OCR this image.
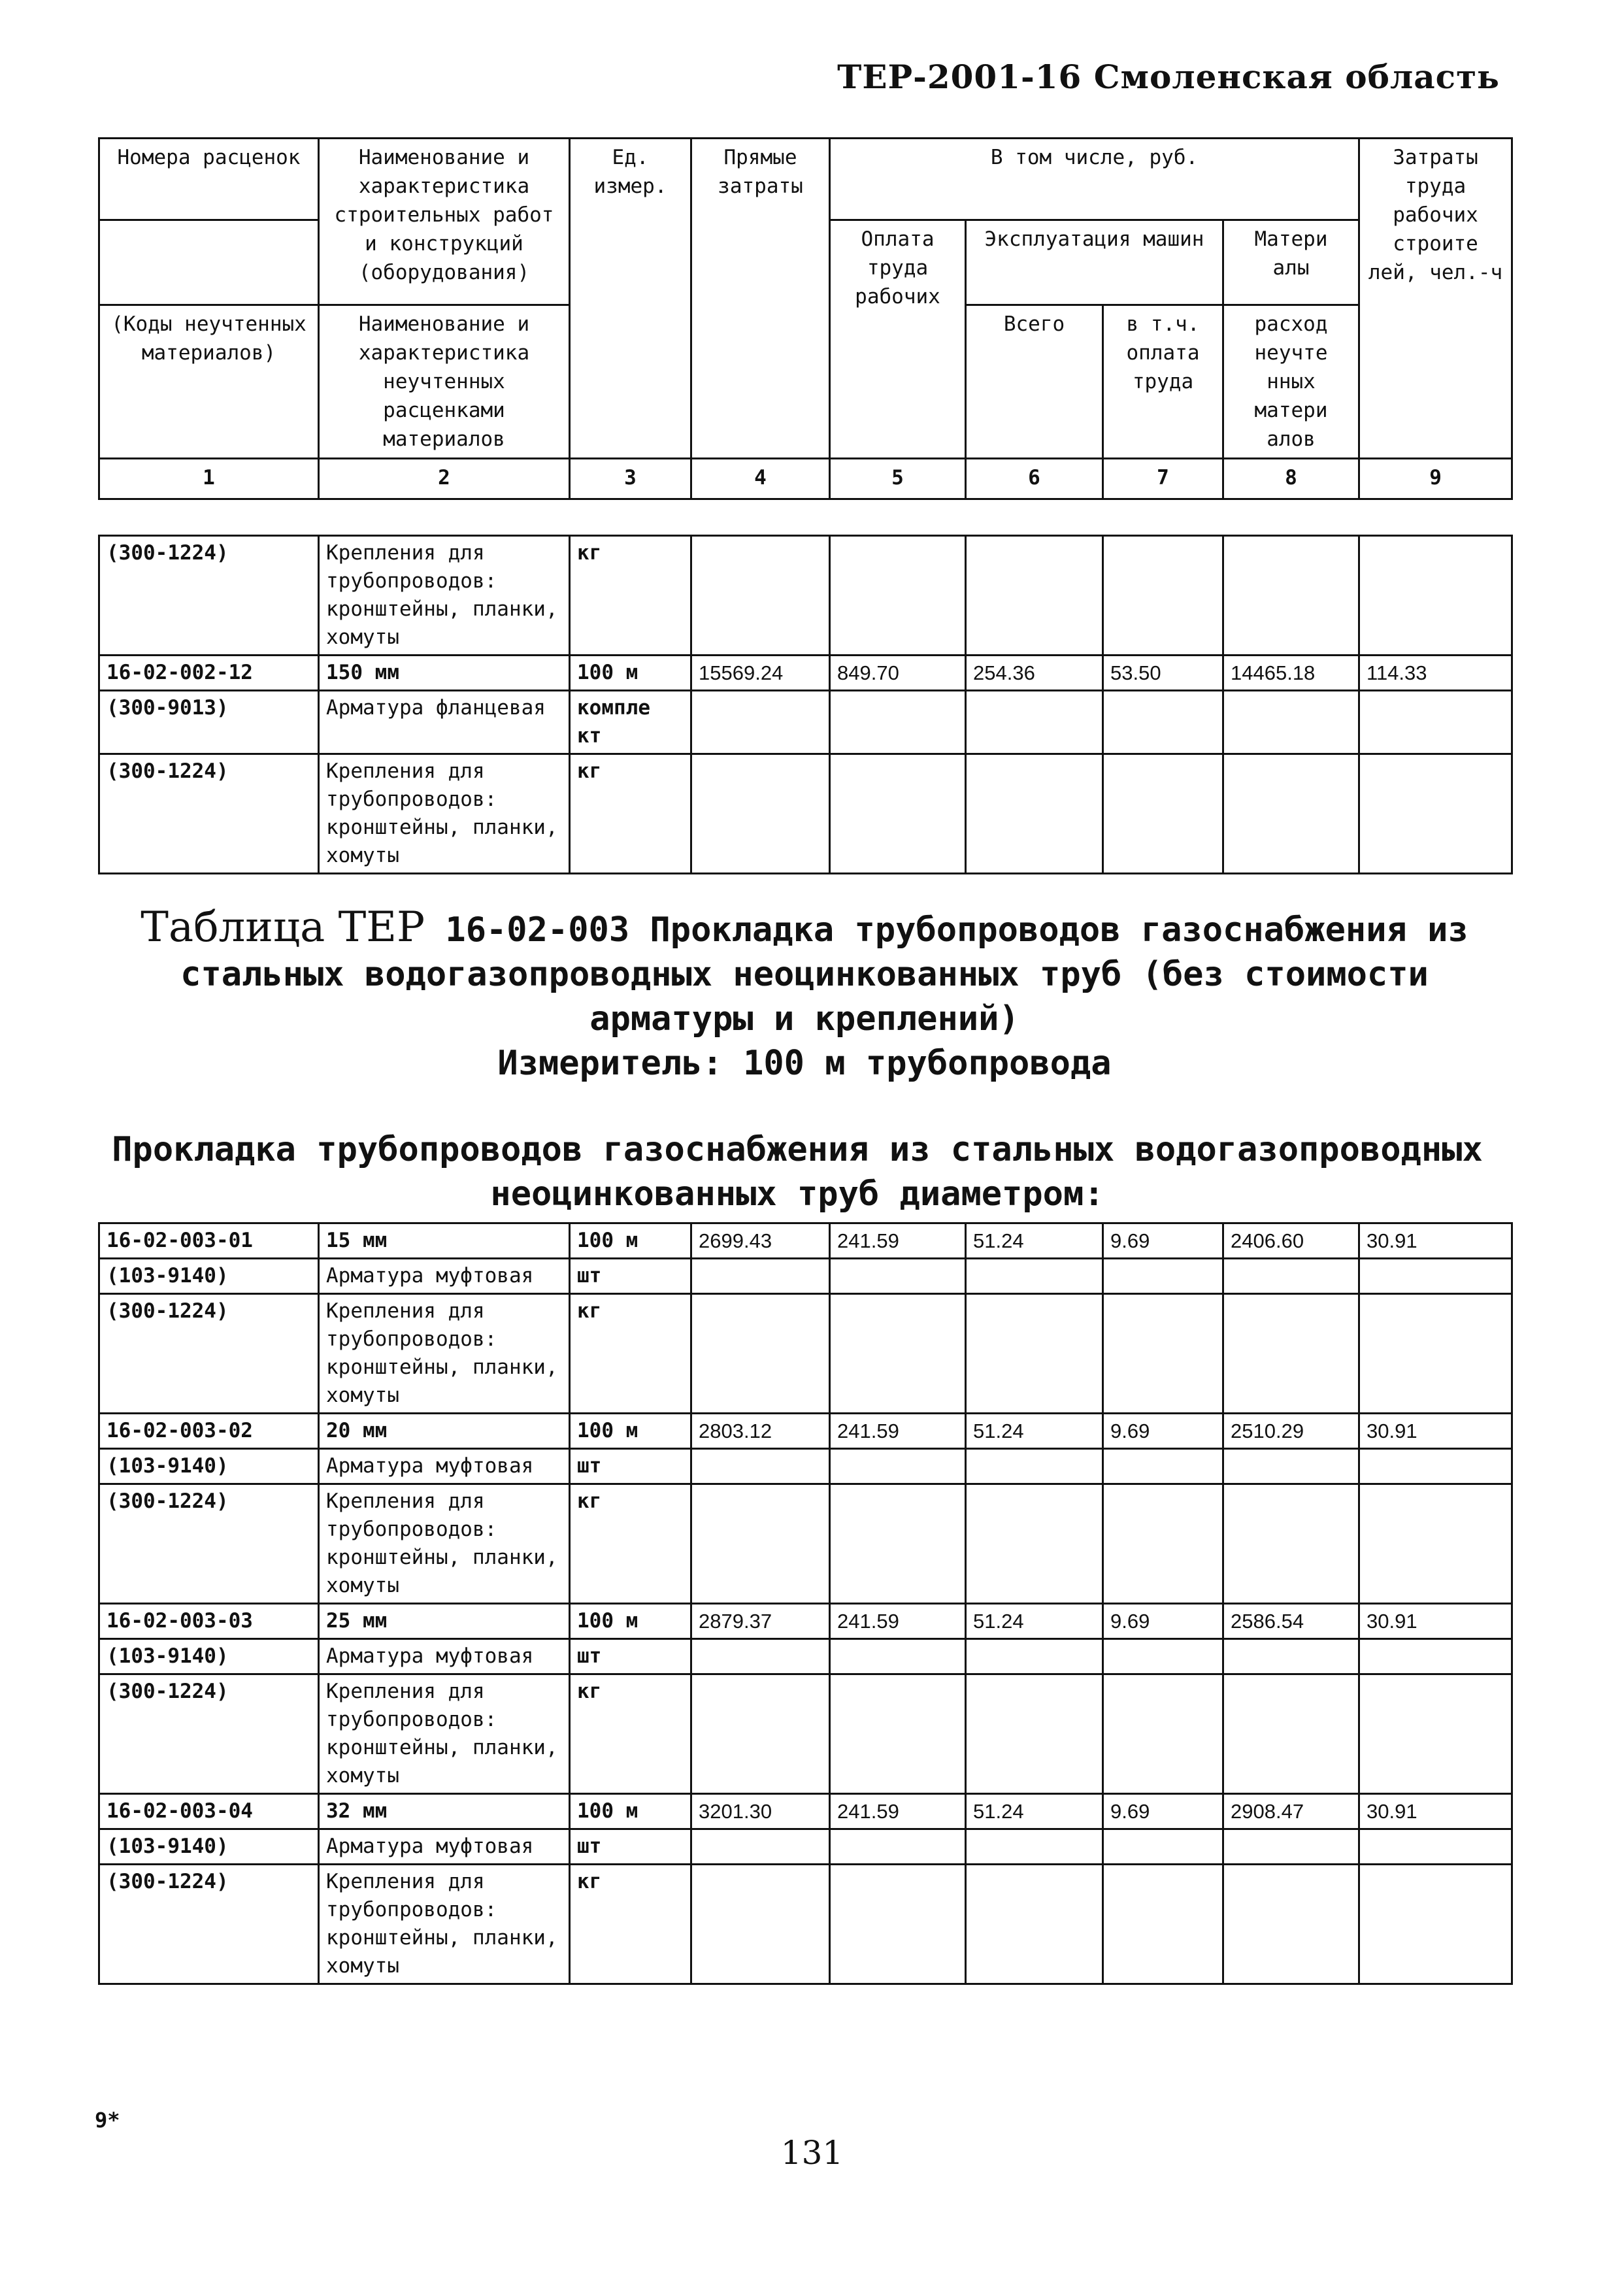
ТЕР-2001-16 Смоленская область
Номера расценок	Наименование и характеристика строительных работ и конструкций (оборудования)	Ед. измер.	Прямые затраты	В том числе, руб.				Затраты труда рабочих строите лей, чел.-ч
				Оплата труда рабочих	Эксплуатация машин		Матери алы	
(Коды неучтенных материалов)	Наименование и характеристика неучтенных расценками материалов				Всего	в т.ч. оплата труда	расход неучте нных матери алов	
1	2	3	4	5	6	7	8	9
(300-1224)	Крепления для трубопроводов: кронштейны, планки, хомуты	кг						
16-02-002-12	150 мм	100 м	15569.24	849.70	254.36	53.50	14465.18	114.33
(300-9013)	Арматура фланцевая	компле кт						
(300-1224)	Крепления для трубопроводов: кронштейны, планки, хомуты	кг						
Таблица ТЕР 16-02-003 Прокладка трубопроводов газоснабжения из стальных водогазопроводных неоцинкованных труб (без стоимости арматуры и креплений)
Измеритель: 100 м трубопровода
Прокладка трубопроводов газоснабжения из стальных водогазопроводных неоцинкованных труб диаметром:
16-02-003-01	15 мм	100 м	2699.43	241.59	51.24	9.69	2406.60	30.91
(103-9140)	Арматура муфтовая	шт						
(300-1224)	Крепления для трубопроводов: кронштейны, планки, хомуты	кг						
16-02-003-02	20 мм	100 м	2803.12	241.59	51.24	9.69	2510.29	30.91
(103-9140)	Арматура муфтовая	шт						
(300-1224)	Крепления для трубопроводов: кронштейны, планки, хомуты	кг						
16-02-003-03	25 мм	100 м	2879.37	241.59	51.24	9.69	2586.54	30.91
(103-9140)	Арматура муфтовая	шт						
(300-1224)	Крепления для трубопроводов: кронштейны, планки, хомуты	кг						
16-02-003-04	32 мм	100 м	3201.30	241.59	51.24	9.69	2908.47	30.91
(103-9140)	Арматура муфтовая	шт						
(300-1224)	Крепления для трубопроводов: кронштейны, планки, хомуты	кг						
9*
131
